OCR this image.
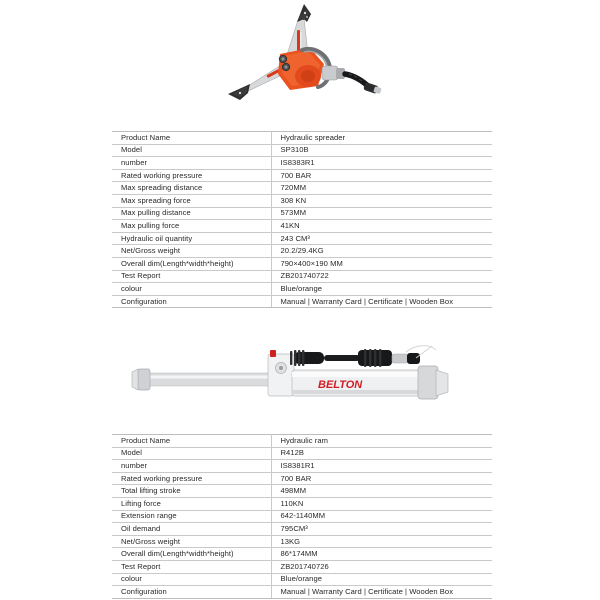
Product Name	Hydraulic spreader
Model	SP310B
number	IS8383R1
Rated working pressure	700 BAR
Max spreading distance	720MM
Max spreading force	308 KN
Max pulling distance	573MM
Max pulling force	41KN
Hydraulic oil quantity	243 CM³
Net/Gross weight	20.2/29.4KG
Overall dim(Length*width*height)	790×400×190 MM
Test Report	ZB201740722
colour	Blue/orange
Configuration	Manual | Warranty Card | Certificate | Wooden Box
BELTON
Product Name	Hydraulic ram
Model	R412B
number	IS8381R1
Rated working pressure	700 BAR
Total lifting stroke	498MM
Lifting force	110KN
Extension range	642-1140MM
Oil demand	795CM³
Net/Gross weight	13KG
Overall dim(Length*width*height)	86*174MM
Test Report	ZB201740726
colour	Blue/orange
Configuration	Manual | Warranty Card | Certificate | Wooden Box
